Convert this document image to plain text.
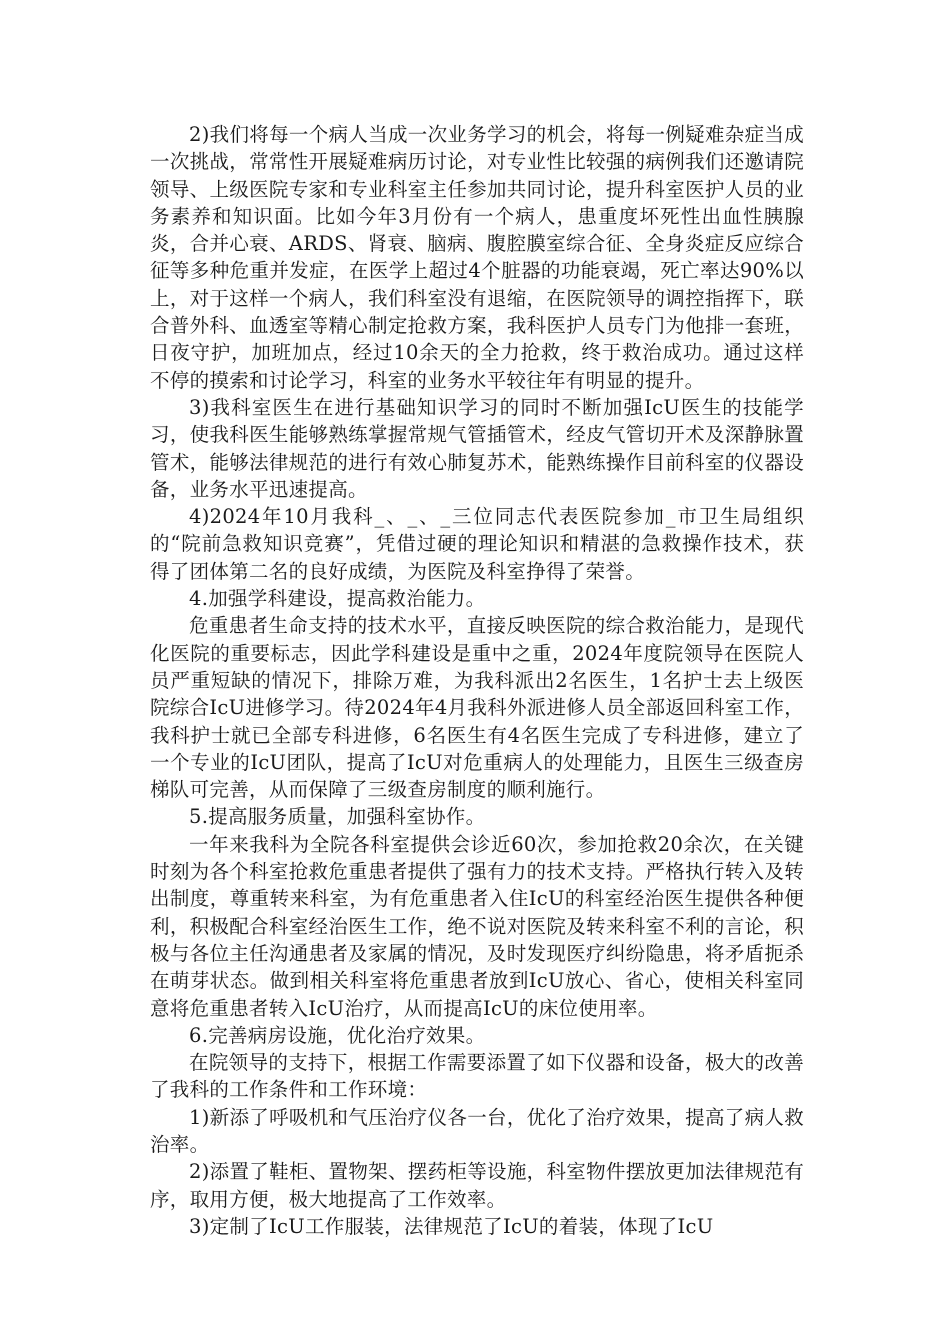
2)我们将每一个病人当成一次业务学习的机会，将每一例疑难杂症当成一次挑战，常常性开展疑难病历讨论，对专业性比较强的病例我们还邀请院领导、上级医院专家和专业科室主任参加共同讨论，提升科室医护人员的业务素养和知识面。比如今年3月份有一个病人，患重度坏死性出血性胰腺炎，合并心衰、ARDS、肾衰、脑病、腹腔膜室综合征、全身炎症反应综合征等多种危重并发症，在医学上超过4个脏器的功能衰竭，死亡率达90%以上，对于这样一个病人，我们科室没有退缩，在医院领导的调控指挥下，联合普外科、血透室等精心制定抢救方案，我科医护人员专门为他排一套班，日夜守护，加班加点，经过10余天的全力抢救，终于救治成功。通过这样不停的摸索和讨论学习，科室的业务水平较往年有明显的提升。

3)我科室医生在进行基础知识学习的同时不断加强IcU医生的技能学习，使我科医生能够熟练掌握常规气管插管术，经皮气管切开术及深静脉置管术，能够法律规范的进行有效心肺复苏术，能熟练操作目前科室的仪器设备，业务水平迅速提高。

4)2024年10月我科_、_、_三位同志代表医院参加_市卫生局组织的“院前急救知识竞赛”，凭借过硬的理论知识和精湛的急救操作技术，获得了团体第二名的良好成绩，为医院及科室挣得了荣誉。

4.加强学科建设，提高救治能力。

危重患者生命支持的技术水平，直接反映医院的综合救治能力，是现代化医院的重要标志，因此学科建设是重中之重，2024年度院领导在医院人员严重短缺的情况下，排除万难，为我科派出2名医生，1名护士去上级医院综合IcU进修学习。待2024年4月我科外派进修人员全部返回科室工作，我科护士就已全部专科进修，6名医生有4名医生完成了专科进修，建立了一个专业的IcU团队，提高了IcU对危重病人的处理能力，且医生三级查房梯队可完善，从而保障了三级查房制度的顺利施行。

5.提高服务质量，加强科室协作。

一年来我科为全院各科室提供会诊近60次，参加抢救20余次，在关键时刻为各个科室抢救危重患者提供了强有力的技术支持。严格执行转入及转出制度，尊重转来科室，为有危重患者入住IcU的科室经治医生提供各种便利，积极配合科室经治医生工作，绝不说对医院及转来科室不利的言论，积极与各位主任沟通患者及家属的情况，及时发现医疗纠纷隐患，将矛盾扼杀在萌芽状态。做到相关科室将危重患者放到IcU放心、省心，使相关科室同意将危重患者转入IcU治疗，从而提高IcU的床位使用率。

6.完善病房设施，优化治疗效果。

在院领导的支持下，根据工作需要添置了如下仪器和设备，极大的改善了我科的工作条件和工作环境：

1)新添了呼吸机和气压治疗仪各一台，优化了治疗效果，提高了病人救治率。

2)添置了鞋柜、置物架、摆药柜等设施，科室物件摆放更加法律规范有序，取用方便，极大地提高了工作效率。

3)定制了IcU工作服装，法律规范了IcU的着装，体现了IcU
